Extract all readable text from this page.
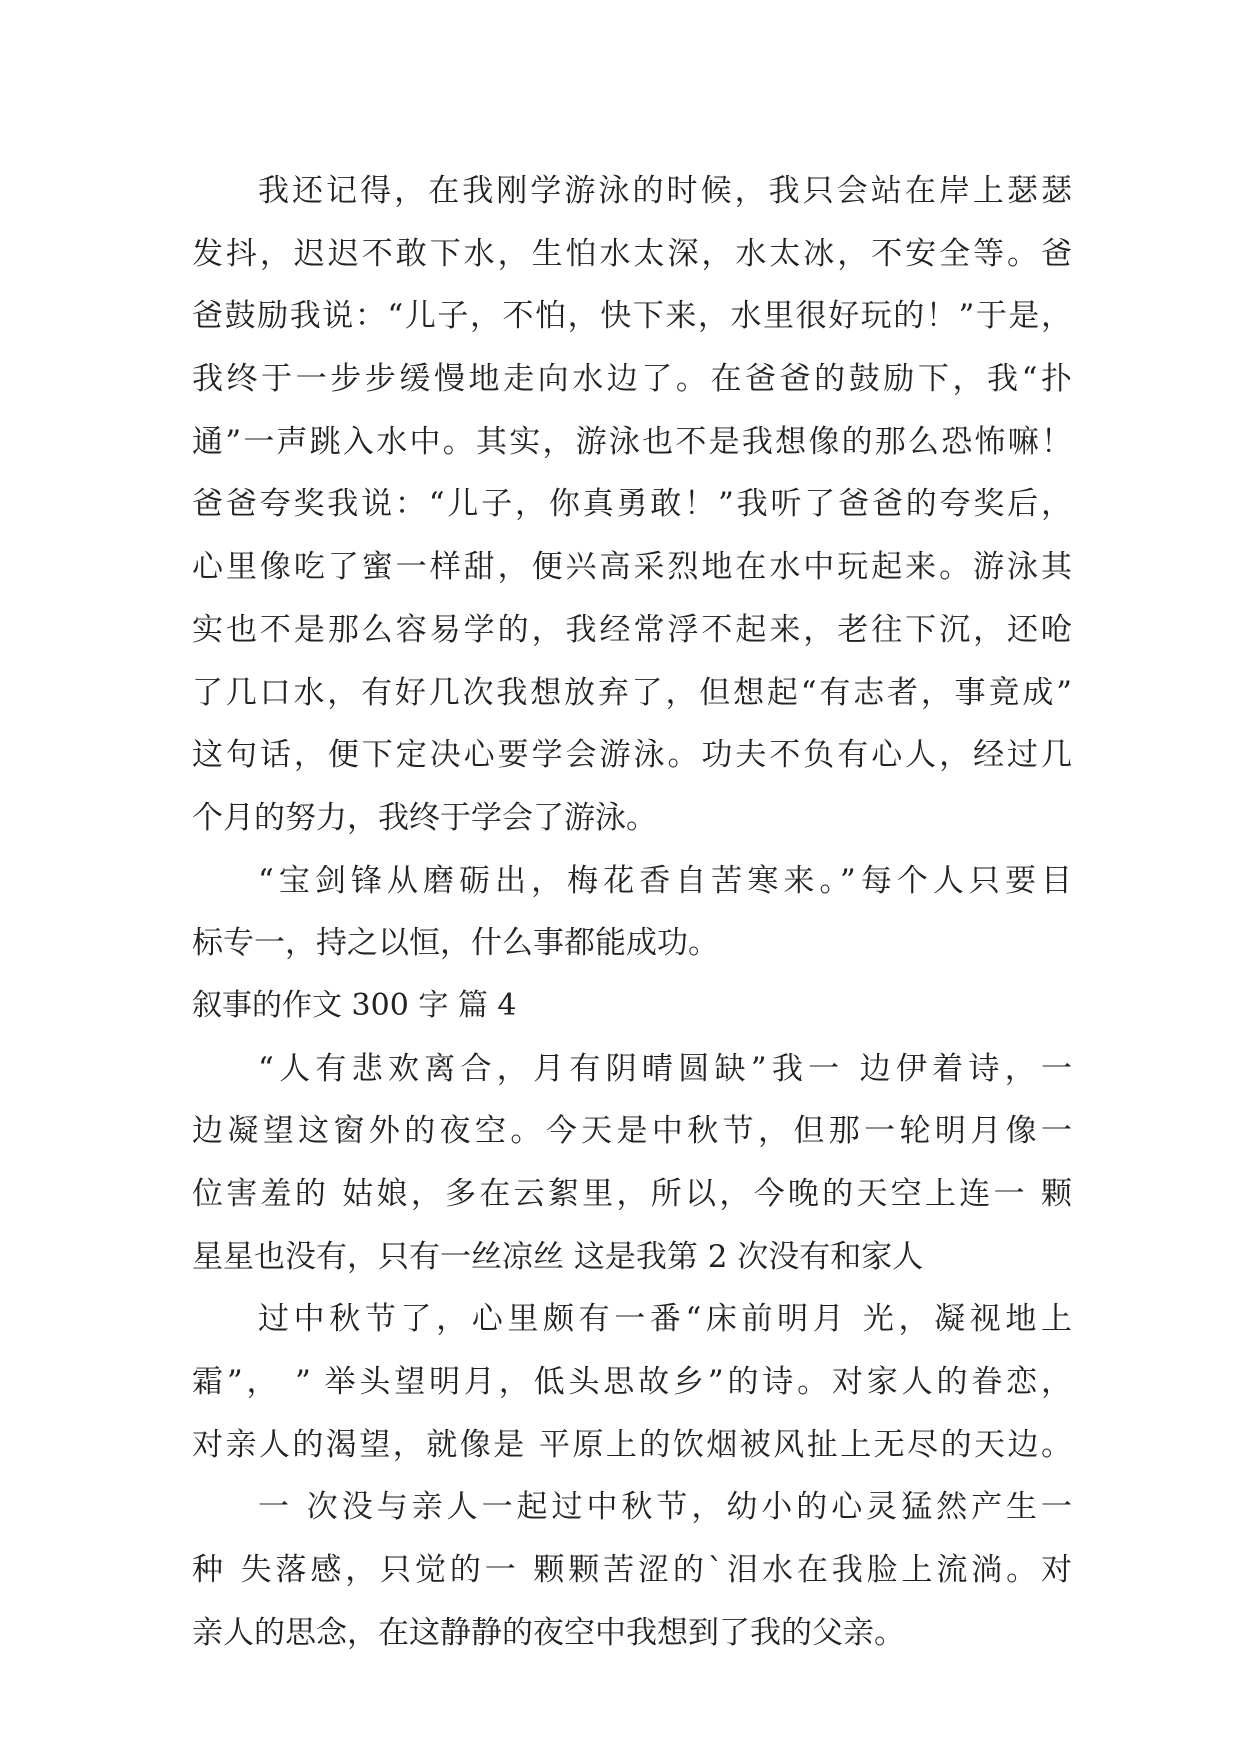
我还记得，在我刚学游泳的时候，我只会站在岸上瑟瑟
发抖，迟迟不敢下水，生怕水太深，水太冰，不安全等。爸
爸鼓励我说：“儿子，不怕，快下来，水里很好玩的！”于是，
我终于一步步缓慢地走向水边了。在爸爸的鼓励下，我“扑
通”一声跳入水中。其实，游泳也不是我想像的那么恐怖嘛！
爸爸夸奖我说：“儿子，你真勇敢！”我听了爸爸的夸奖后，
心里像吃了蜜一样甜，便兴高采烈地在水中玩起来。游泳其
实也不是那么容易学的，我经常浮不起来，老往下沉，还呛
了几口水，有好几次我想放弃了，但想起“有志者，事竟成”
这句话，便下定决心要学会游泳。功夫不负有心人，经过几
个月的努力，我终于学会了游泳。
“宝剑锋从磨砺出，梅花香自苦寒来。”每个人只要目
标专一，持之以恒，什么事都能成功。
叙事的作文 300 字 篇 4
“人有悲欢离合，月有阴晴圆缺”我一 边伊着诗，一
边凝望这窗外的夜空。今天是中秋节，但那一轮明月像一
位害羞的 姑娘，多在云絮里，所以，今晚的天空上连一 颗
星星也没有，只有一丝凉丝 这是我第 2 次没有和家人
过中秋节了，心里颇有一番“床前明月 光，凝视地上
霜”， ” 举头望明月，低头思故乡”的诗。对家人的眷恋，
对亲人的渴望，就像是 平原上的饮烟被风扯上无尽的天边。
一 次没与亲人一起过中秋节，幼小的心灵猛然产生一
种 失落感，只觉的一 颗颗苦涩的`泪水在我脸上流淌。对
亲人的思念，在这静静的夜空中我想到了我的父亲。
